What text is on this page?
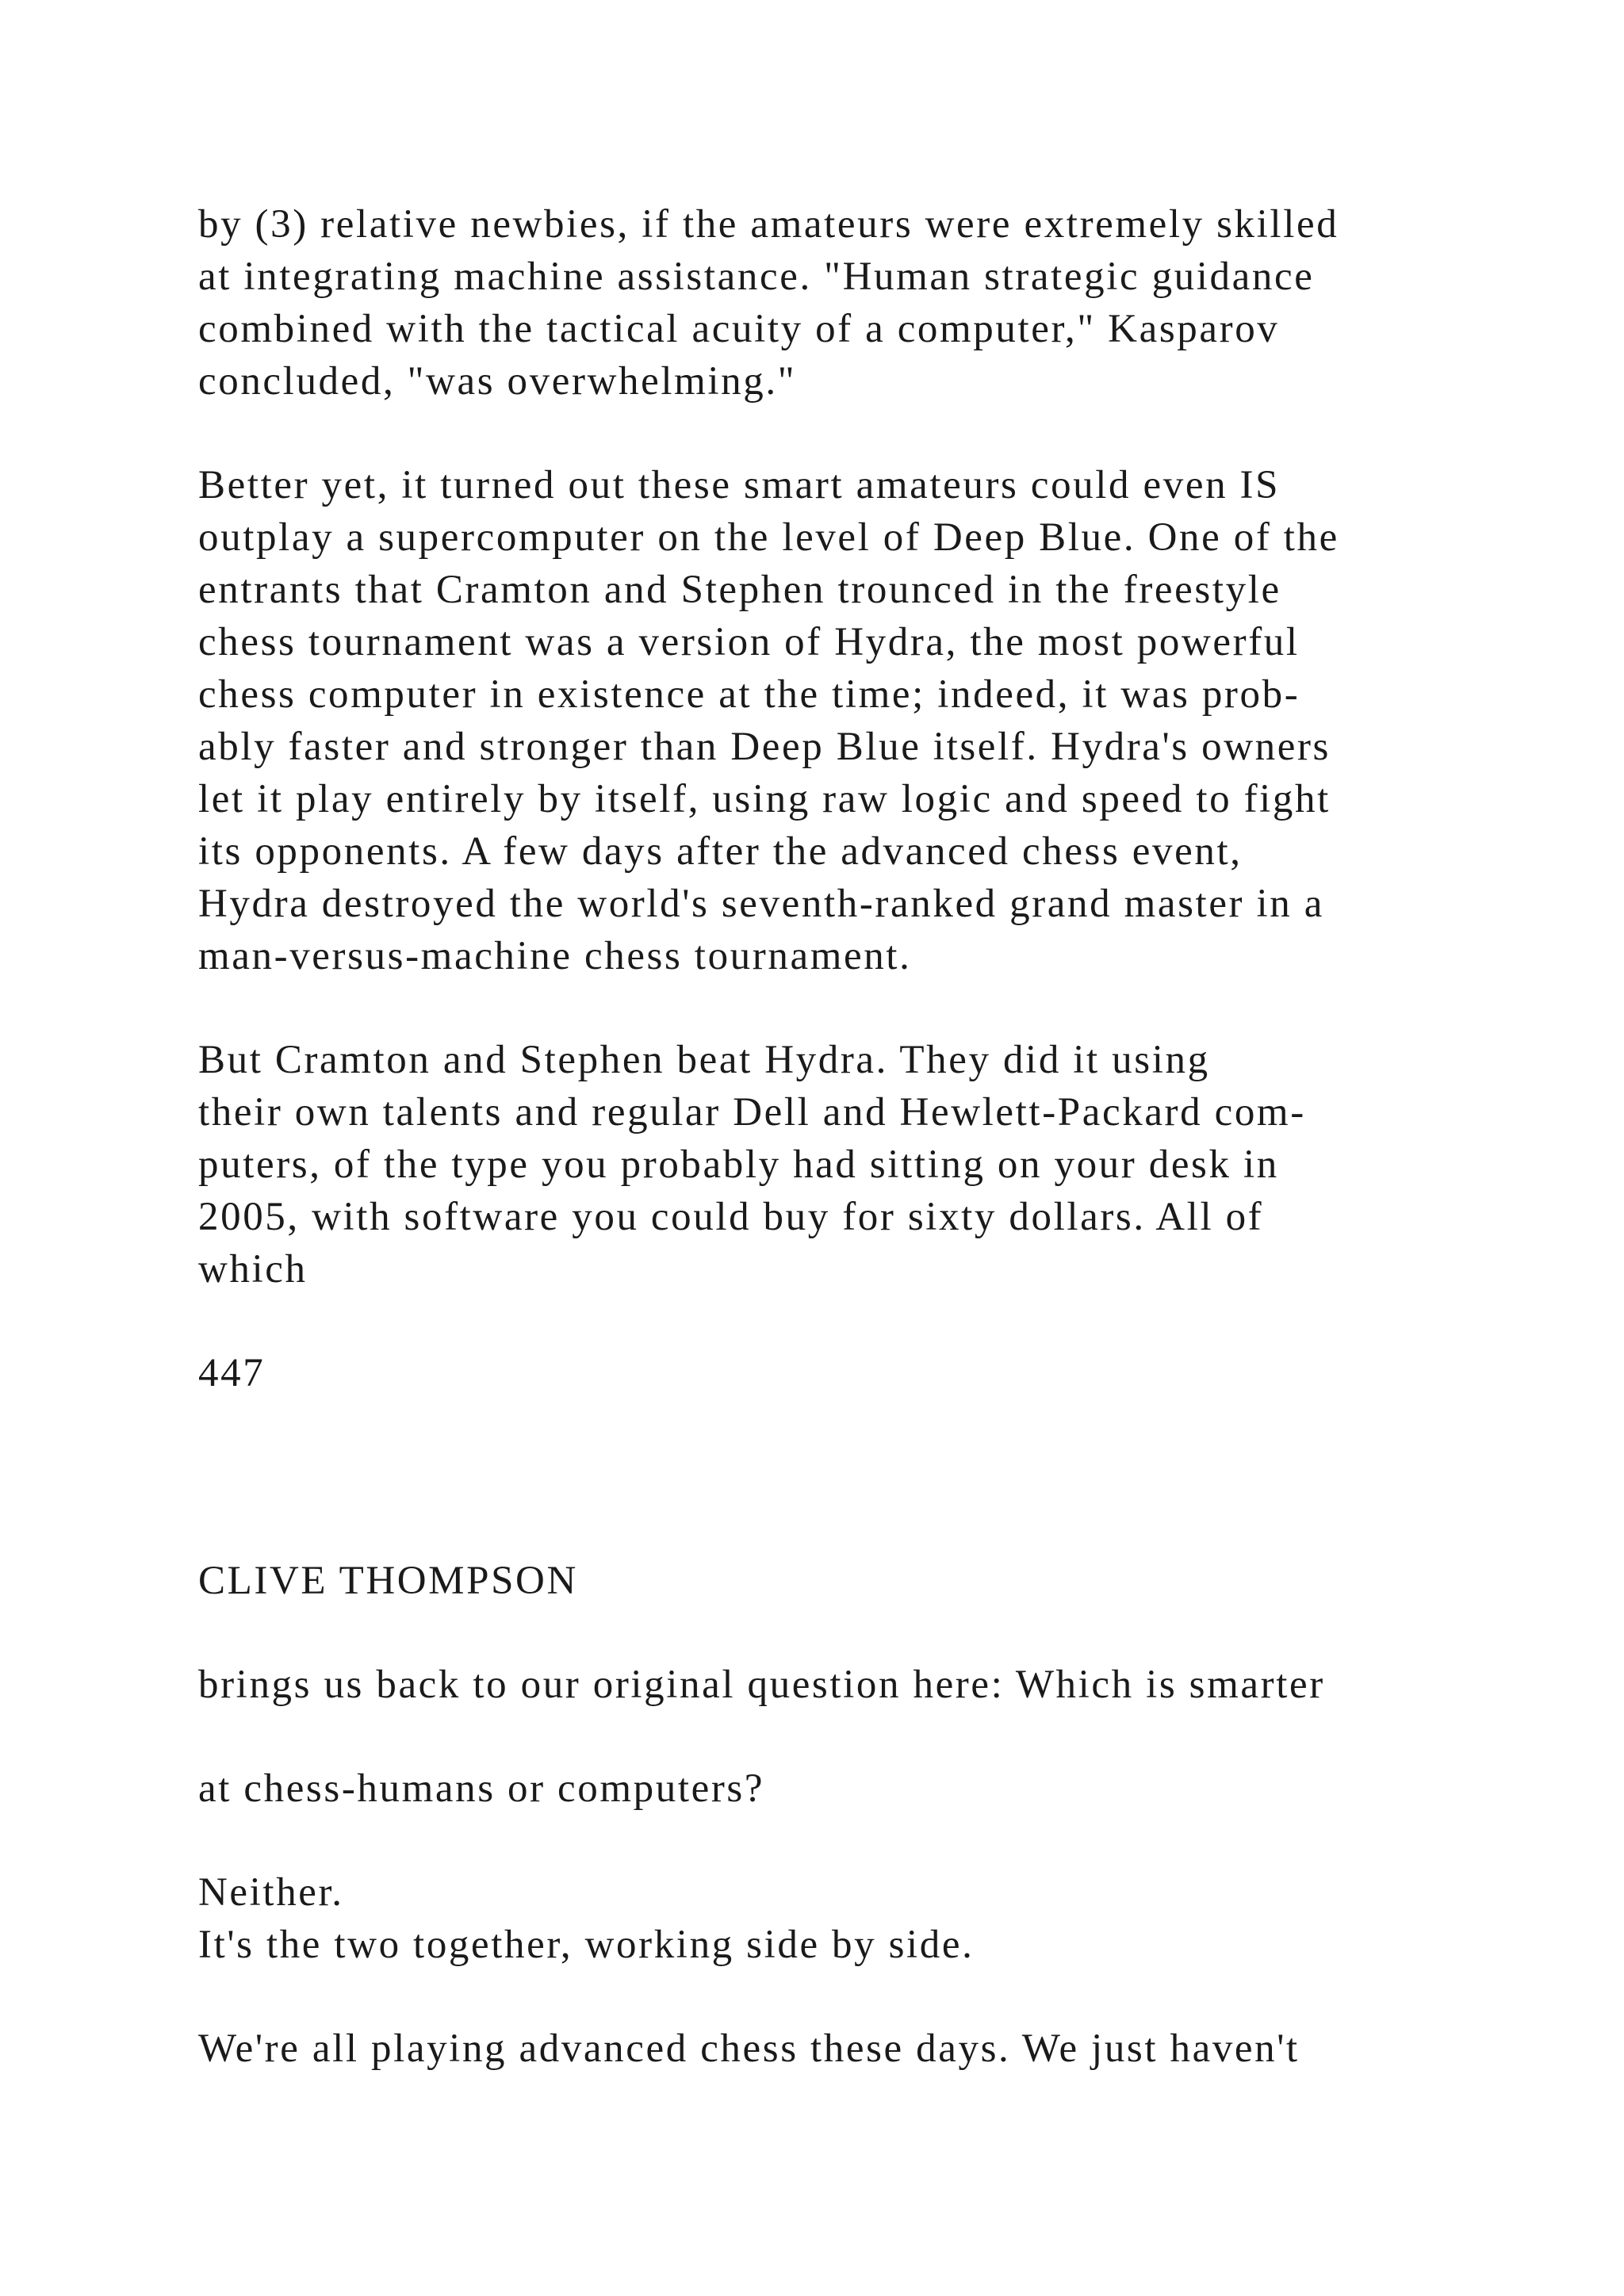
by (3) relative newbies, if the amateurs were extremely skilled
at integrating machine assistance. "Human strategic guidance
combined with the tactical acuity of a computer," Kasparov
concluded, "was overwhelming."
Better yet, it turned out these smart amateurs could even IS
outplay a supercomputer on the level of Deep Blue. One of the
entrants that Cramton and Stephen trounced in the freestyle
chess tournament was a version of Hydra, the most powerful
chess computer in existence at the time; indeed, it was prob-
ably faster and stronger than Deep Blue itself. Hydra's owners
let it play entirely by itself, using raw logic and speed to fight
its opponents. A few days after the advanced chess event,
Hydra destroyed the world's seventh-ranked grand master in a
man-versus-machine chess tournament.
But Cramton and Stephen beat Hydra. They did it using
their own talents and regular Dell and Hewlett-Packard com-
puters, of the type you probably had sitting on your desk in
2005, with software you could buy for sixty dollars. All of
which
447
CLIVE THOMPSON
brings us back to our original question here: Which is smarter
at chess-humans or computers?
Neither.
It's the two together, working side by side.
We're all playing advanced chess these days. We just haven't
